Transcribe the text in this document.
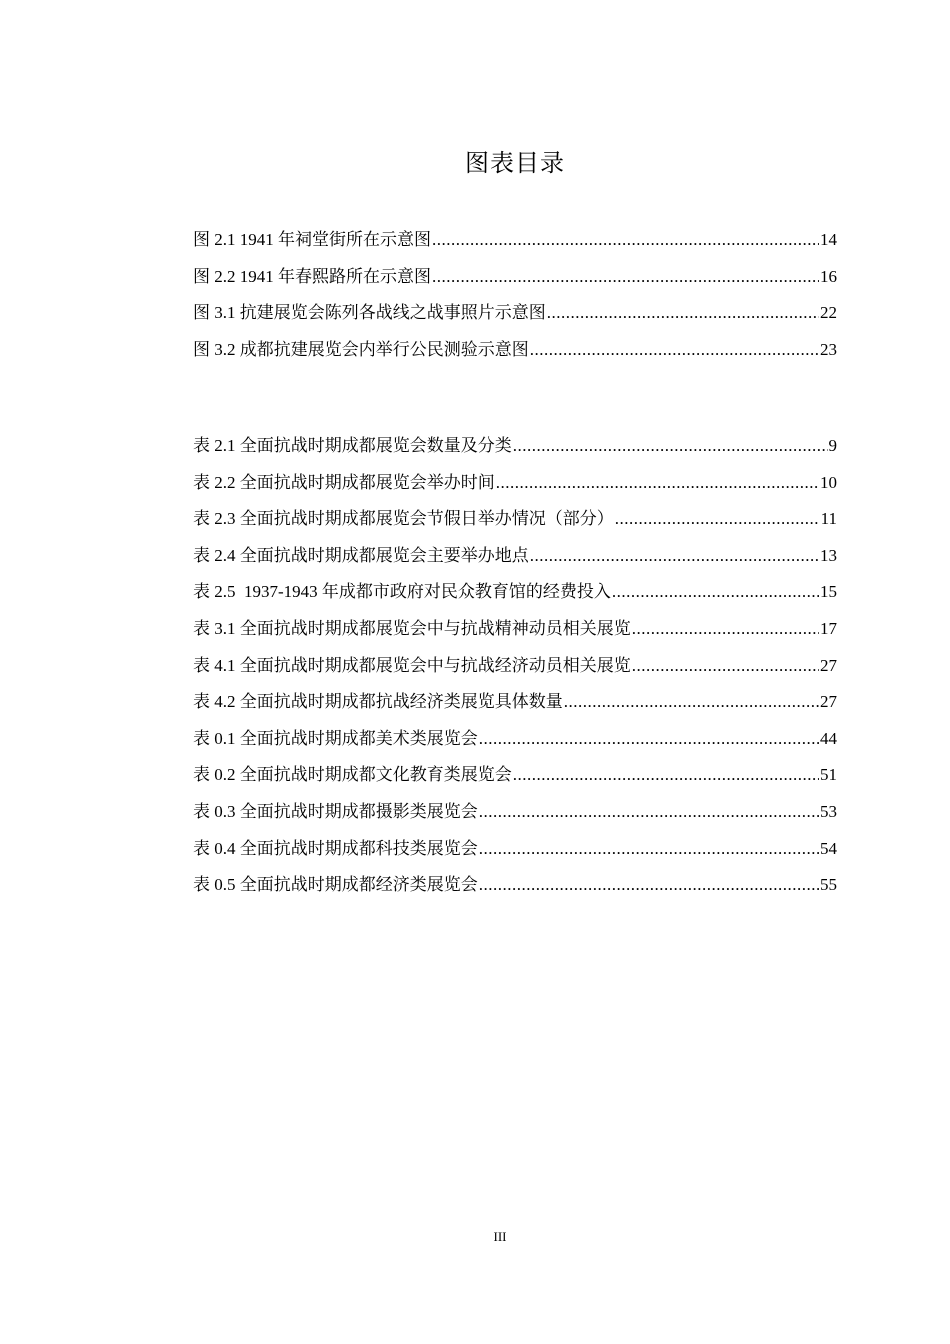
图表目录
图 2.1 1941 年祠堂街所在示意图 .....	14
图 2.2 1941 年春熙路所在示意图 .....	16
图 3.1 抗建展览会陈列各战线之战事照片示意图 .....	22
图 3.2 成都抗建展览会内举行公民测验示意图 .....	23
表 2.1 全面抗战时期成都展览会数量及分类 .....	9
表 2.2 全面抗战时期成都展览会举办时间 .....	10
表 2.3 全面抗战时期成都展览会节假日举办情况（部分） .....	11
表 2.4 全面抗战时期成都展览会主要举办地点 .....	13
表 2.5  1937-1943 年成都市政府对民众教育馆的经费投入 .....	15
表 3.1 全面抗战时期成都展览会中与抗战精神动员相关展览 .....	17
表 4.1 全面抗战时期成都展览会中与抗战经济动员相关展览 .....	27
表 4.2 全面抗战时期成都抗战经济类展览具体数量 .....	27
表 0.1 全面抗战时期成都美术类展览会 .....	44
表 0.2 全面抗战时期成都文化教育类展览会 .....	51
表 0.3 全面抗战时期成都摄影类展览会 .....	53
表 0.4 全面抗战时期成都科技类展览会 .....	54
表 0.5 全面抗战时期成都经济类展览会 .....	55
III
